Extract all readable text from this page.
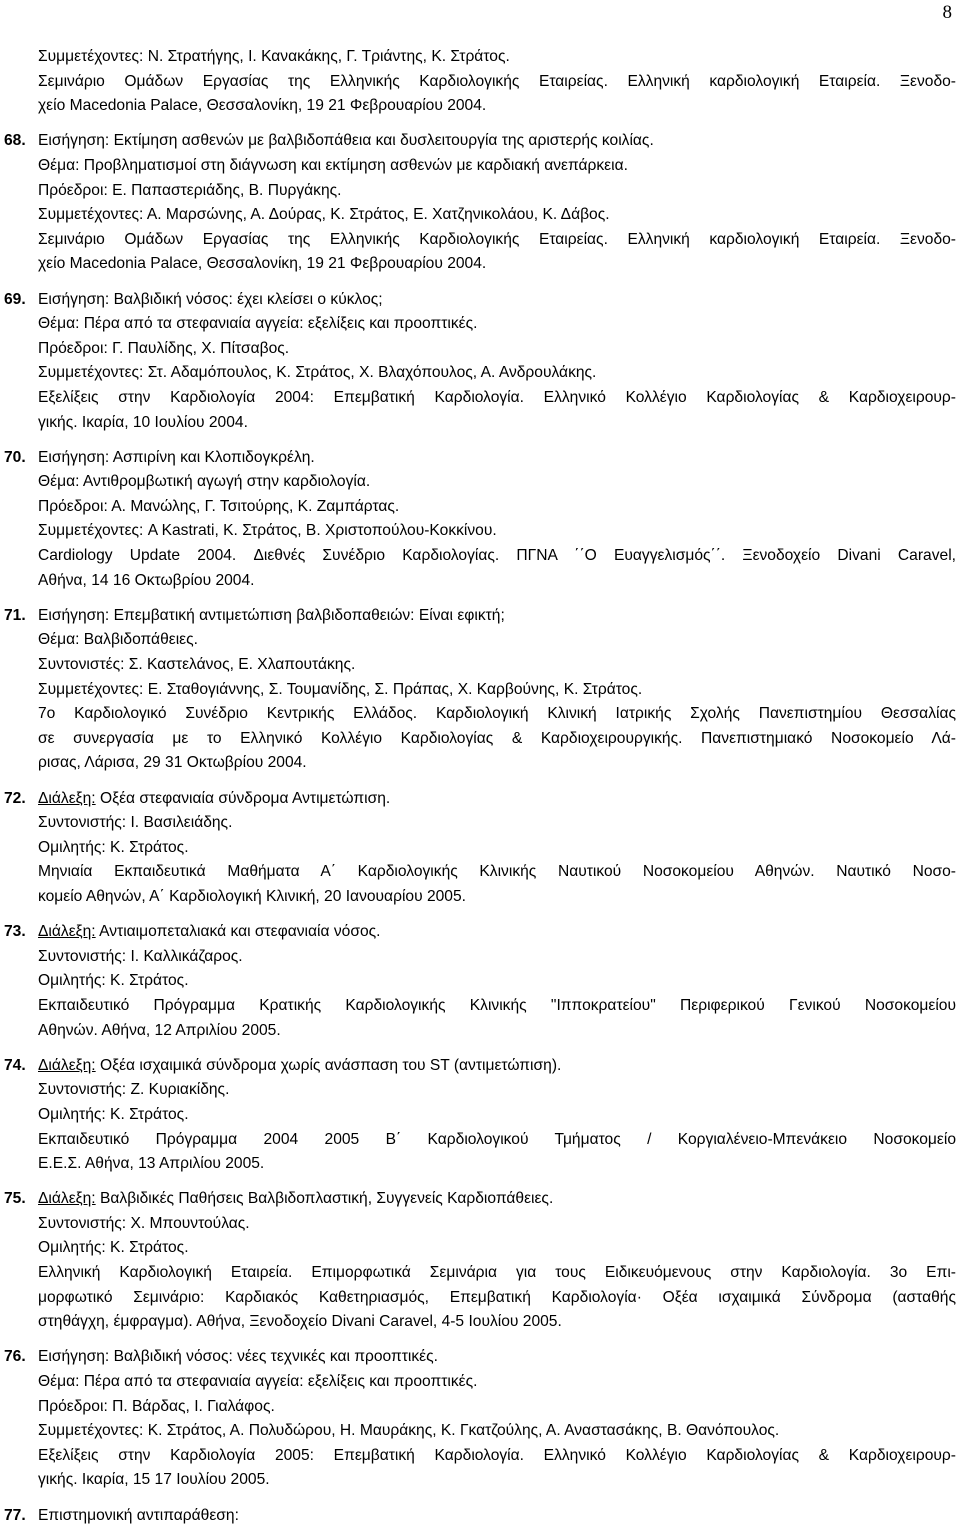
8
Συμμετέχοντες: Ν. Στρατήγης, Ι. Κανακάκης, Γ. Τριάντης, Κ. Στράτος.
Σεμινάριο Ομάδων Εργασίας της Ελληνικής Καρδιολογικής Εταιρείας. Ελληνική καρδιολογική Εταιρεία. Ξενοδο-
χείο Macedonia Palace, Θεσσαλονίκη, 19 21 Φεβρουαρίου 2004.
68. Εισήγηση: Εκτίμηση ασθενών με βαλβιδοπάθεια και δυσλειτουργία της αριστερής κοιλίας.
Θέμα: Προβληματισμοί στη διάγνωση και εκτίμηση ασθενών με καρδιακή ανεπάρκεια.
Πρόεδροι: Ε. Παπαστεριάδης, Β. Πυργάκης.
Συμμετέχοντες: Α. Μαρσώνης, Α. Δούρας, Κ. Στράτος, Ε. Χατζηνικολάου, Κ. Δάβος.
Σεμινάριο Ομάδων Εργασίας της Ελληνικής Καρδιολογικής Εταιρείας. Ελληνική καρδιολογική Εταιρεία. Ξενοδο-
χείο Macedonia Palace, Θεσσαλονίκη, 19 21 Φεβρουαρίου 2004.
69. Εισήγηση: Βαλβιδική νόσος: έχει κλείσει ο κύκλος;
Θέμα: Πέρα από τα στεφανιαία αγγεία: εξελίξεις και προοπτικές.
Πρόεδροι: Γ. Παυλίδης, Χ. Πίτσαβος.
Συμμετέχοντες: Στ. Αδαμόπουλος, Κ. Στράτος, Χ. Βλαχόπουλος, Α. Ανδρουλάκης.
Εξελίξεις στην Καρδιολογία 2004: Επεμβατική Καρδιολογία. Ελληνικό Κολλέγιο Καρδιολογίας & Καρδιοχειρουρ-
γικής. Ικαρία, 10 Ιουλίου 2004.
70. Εισήγηση: Ασπιρίνη και Κλοπιδογκρέλη.
Θέμα: Αντιθρομβωτική αγωγή στην καρδιολογία.
Πρόεδροι: Α. Μανώλης, Γ. Τσιτούρης, Κ. Ζαμπάρτας.
Συμμετέχοντες: A Kastrati, Κ. Στράτος, Β. Χριστοπούλου-Κοκκίνου.
Cardiology Update 2004. Διεθνές Συνέδριο Καρδιολογίας. ΠΓΝΑ ΄΄Ο Ευαγγελισμός΄΄. Ξενοδοχείο Divani Caravel,
Αθήνα, 14 16 Οκτωβρίου 2004.
71. Εισήγηση: Επεμβατική αντιμετώπιση βαλβιδοπαθειών: Είναι εφικτή;
Θέμα: Βαλβιδοπάθειες.
Συντονιστές: Σ. Καστελάνος, Ε. Χλαπουτάκης.
Συμμετέχοντες: Ε. Σταθογιάννης, Σ. Τουμανίδης, Σ. Πράπας, Χ. Καρβούνης, Κ. Στράτος.
7ο Καρδιολογικό Συνέδριο Κεντρικής Ελλάδος. Καρδιολογική Κλινική Ιατρικής Σχολής Πανεπιστημίου Θεσσαλίας
σε συνεργασία με το Ελληνικό Κολλέγιο Καρδιολογίας & Καρδιοχειρουργικής. Πανεπιστημιακό Νοσοκομείο Λά-
ρισας, Λάρισα, 29 31 Οκτωβρίου 2004.
72. Διάλεξη: Οξέα στεφανιαία σύνδρομα Αντιμετώπιση.
Συντονιστής: Ι. Βασιλειάδης.
Ομιλητής: Κ. Στράτος.
Μηνιαία Εκπαιδευτικά Μαθήματα Α΄ Καρδιολογικής Κλινικής Ναυτικού Νοσοκομείου Αθηνών. Ναυτικό Νοσο-
κομείο Αθηνών, Α΄ Καρδιολογική Κλινική, 20 Ιανουαρίου 2005.
73. Διάλεξη: Αντιαιμοπεταλιακά και στεφανιαία νόσος.
Συντονιστής: Ι. Καλλικάζαρος.
Ομιλητής: Κ. Στράτος.
Εκπαιδευτικό Πρόγραμμα Κρατικής Καρδιολογικής Κλινικής "Ιπποκρατείου" Περιφερικού Γενικού Νοσοκομείου
Αθηνών. Αθήνα, 12 Απριλίου 2005.
74. Διάλεξη: Οξέα ισχαιμικά σύνδρομα χωρίς ανάσπαση του ST (αντιμετώπιση).
Συντονιστής: Ζ. Κυριακίδης.
Ομιλητής: Κ. Στράτος.
Εκπαιδευτικό Πρόγραμμα 2004 2005 Β΄ Καρδιολογικού Τμήματος / Κοργιαλένειο-Μπενάκειο Νοσοκομείο
Ε.Ε.Σ. Αθήνα, 13 Απριλίου 2005.
75. Διάλεξη: Βαλβιδικές Παθήσεις Βαλβιδοπλαστική, Συγγενείς Καρδιοπάθειες.
Συντονιστής: Χ. Μπουντούλας.
Ομιλητής: Κ. Στράτος.
Ελληνική Καρδιολογική Εταιρεία. Επιμορφωτικά Σεμινάρια για τους Ειδικευόμενους στην Καρδιολογία. 3ο Επι-
μορφωτικό Σεμινάριο: Καρδιακός Καθετηριασμός, Επεμβατική Καρδιολογία· Οξέα ισχαιμικά Σύνδρομα (ασταθής
στηθάγχη, έμφραγμα). Αθήνα, Ξενοδοχείο Divani Caravel, 4-5 Ιουλίου 2005.
76. Εισήγηση: Βαλβιδική νόσος: νέες τεχνικές και προοπτικές.
Θέμα: Πέρα από τα στεφανιαία αγγεία: εξελίξεις και προοπτικές.
Πρόεδροι: Π. Βάρδας, Ι. Γιαλάφος.
Συμμετέχοντες: Κ. Στράτος, Α. Πολυδώρου, Η. Μαυράκης, Κ. Γκατζούλης, Α. Αναστασάκης, Β. Θανόπουλος.
Εξελίξεις στην Καρδιολογία 2005: Επεμβατική Καρδιολογία. Ελληνικό Κολλέγιο Καρδιολογίας & Καρδιοχειρουρ-
γικής. Ικαρία, 15 17 Ιουλίου 2005.
77. Επιστημονική αντιπαράθεση:
